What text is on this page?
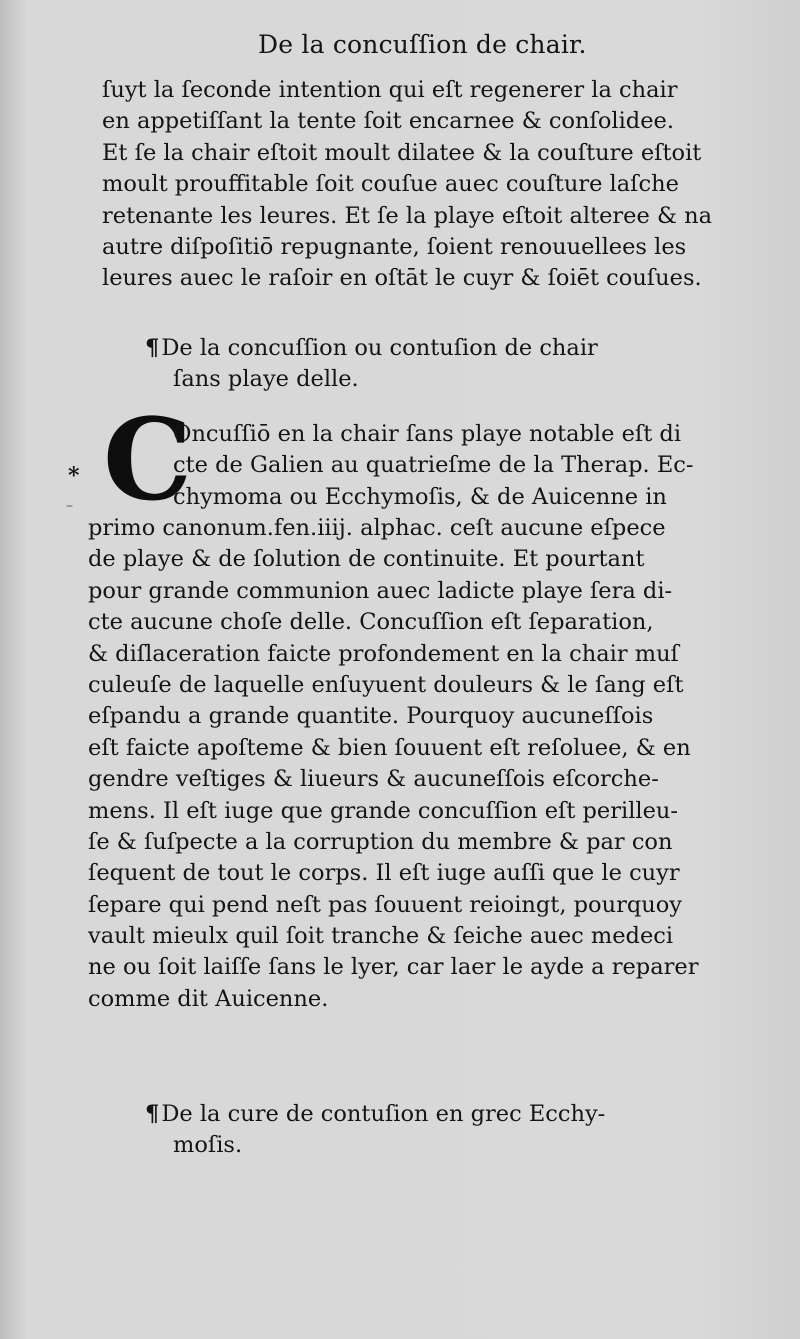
De la concuſſion de chair.
ſuyt la ſeconde intention qui eſt regenerer la chair
en appetiſſant la tente ſoit encarnee & conſolidee.
Et ſe la chair eſtoit moult dilatee & la couſture eſtoit
moult prouffitable ſoit couſue auec couſture laſche
retenante les leures. Et ſe la playe eſtoit alteree & na
autre diſpoſitiō repugnante, ſoient renouuellees les
leures auec le raſoir en oſtāt le cuyr & ſoiēt couſues.
¶De la concuſſion ou contuſion de chair
ſans playe delle.
*
– C
Oncuſſiō en la chair ſans playe notable eſt di
cte de Galien au quatrieſme de la Therap. Ec-
chymoma ou Ecchymoſis, & de Auicenne in
primo canonum.fen.iiij. alphac. ceſt aucune eſpece
de playe & de ſolution de continuite. Et pourtant
pour grande communion auec ladicte playe ſera di-
cte aucune choſe delle. Concuſſion eſt ſeparation,
& diſlaceration faicte profondement en la chair muſ
culeuſe de laquelle enſuyuent douleurs & le ſang eſt
eſpandu a grande quantite. Pourquoy aucuneſſois
eſt faicte apoſteme & bien ſouuent eſt reſoluee, & en
gendre veſtiges & liueurs & aucuneſſois eſcorche-
mens. Il eſt iuge que grande concuſſion eſt perilleu-
ſe & ſuſpecte a la corruption du membre & par con
ſequent de tout le corps. Il eſt iuge auſſi que le cuyr
ſepare qui pend neſt pas ſouuent reioingt, pourquoy
vault mieulx quil ſoit tranche & ſeiche auec medeci
ne ou ſoit laiſſe ſans le lyer, car laer le ayde a reparer
comme dit Auicenne.
¶De la cure de contuſion en grec Ecchy-
moſis.
